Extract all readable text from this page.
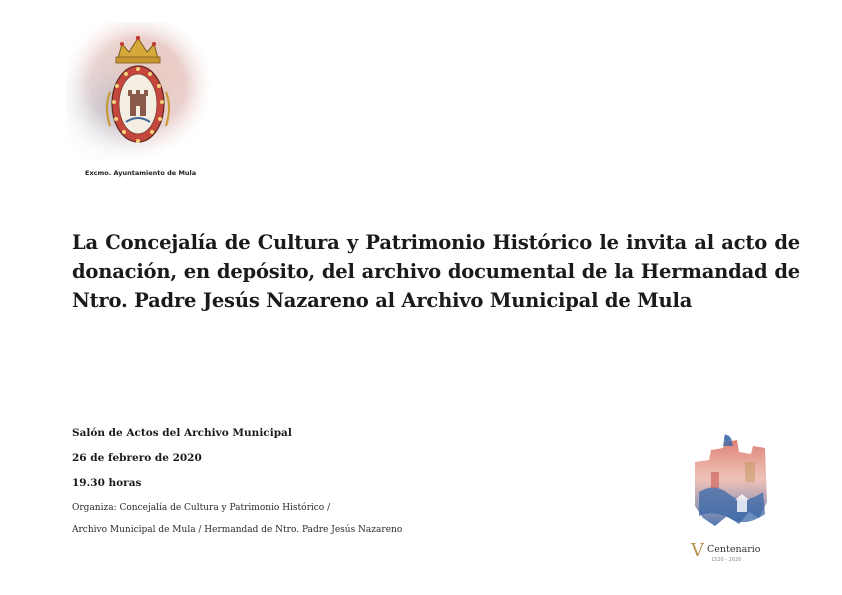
Excmo. Ayuntamiento de Mula
La Concejalía de Cultura y Patrimonio Histórico le invita al acto de donación, en depósito, del archivo documental de la Hermandad de Ntro. Padre Jesús Nazareno al Archivo Municipal de Mula
Salón de Actos del Archivo Municipal
26 de febrero de 2020
19.30 horas
Organiza: Concejalía de Cultura y Patrimonio Histórico /
Archivo Municipal de Mula / Hermandad de Ntro. Padre Jesús Nazareno
V Centenario
1520 - 2020
